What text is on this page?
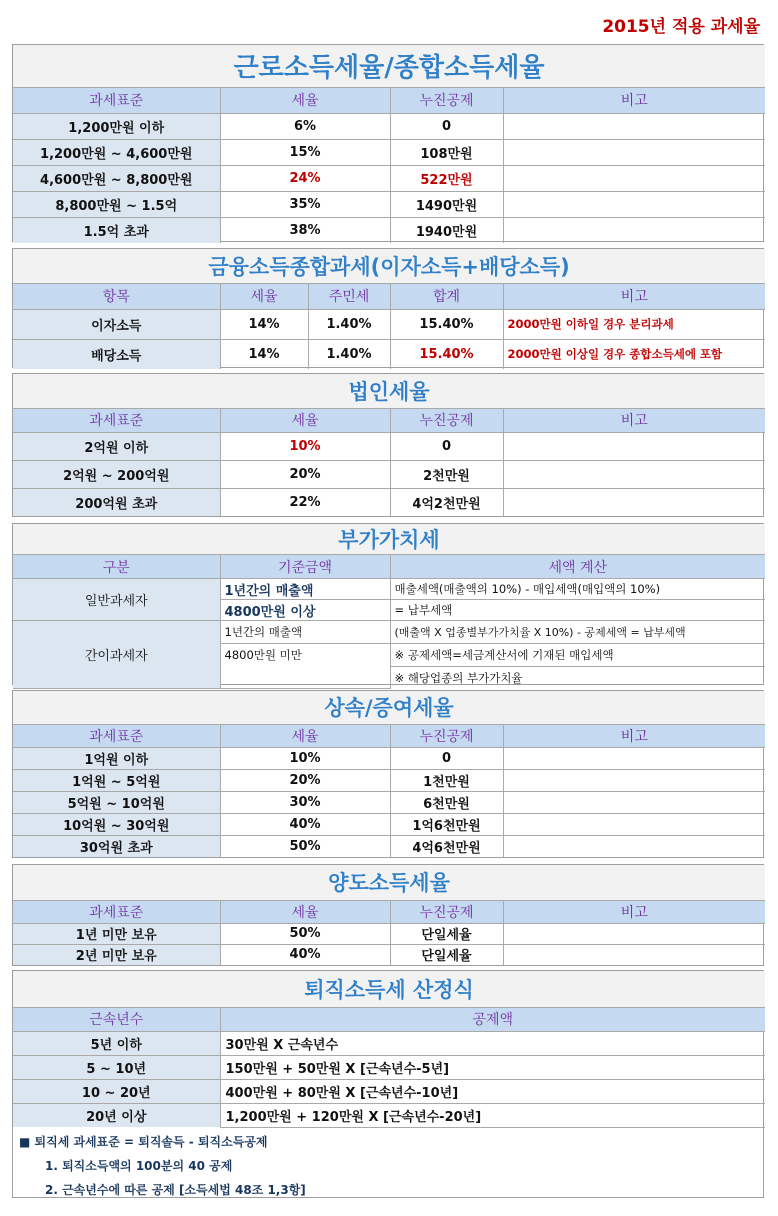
2015년 적용 과세율
근로소득세율/종합소득세율			
과세표준	세율	누진공제	비고
1,200만원 이하	6%	0	
1,200만원 ~ 4,600만원	15%	108만원	
4,600만원 ~ 8,800만원	24%	522만원	
8,800만원 ~ 1.5억	35%	1490만원	
1.5억 초과	38%	1940만원	
금융소득종합과세(이자소득+배당소득)				
항목	세율	주민세	합계	비고
이자소득	14%	1.40%	15.40%	2000만원 이하일 경우 분리과세
배당소득	14%	1.40%	15.40%	2000만원 이상일 경우 종합소득세에 포함
법인세율			
과세표준	세율	누진공제	비고
2억원 이하	10%	0	
2억원 ~ 200억원	20%	2천만원	
200억원 초과	22%	4억2천만원	
부가가치세		
구분	기준금액	세액 계산
일반과세자	1년간의 매출액	매출세액(매출액의 10%) - 매입세액(매입액의 10%)
	4800만원 이상	= 납부세액
간이과세자	1년간의 매출액	(매출액 X 업종별부가가치율 X 10%) - 공제세액 = 납부세액
	4800만원 미만	※ 공제세액=세금계산서에 기재된 매입세액
		※ 해당업종의 부가가치율
상속/증여세율			
과세표준	세율	누진공제	비고
1억원 이하	10%	0	
1억원 ~ 5억원	20%	1천만원	
5억원 ~ 10억원	30%	6천만원	
10억원 ~ 30억원	40%	1억6천만원	
30억원 초과	50%	4억6천만원	
양도소득세율			
과세표준	세율	누진공제	비고
1년 미만 보유	50%	단일세율	
2년 미만 보유	40%	단일세율	
퇴직소득세 산정식	
근속년수	공제액
5년 이하	30만원 X 근속년수
5 ~ 10년	150만원 + 50만원 X [근속년수-5년]
10 ~ 20년	400만원 + 80만원 X [근속년수-10년]
20년 이상	1,200만원 + 120만원 X [근속년수-20년]
■ 퇴직세 과세표준 = 퇴직솔득 - 퇴직소득공제
1. 퇴직소득액의 100분의 40 공제
2. 근속년수에 따른 공제 [소득세법 48조 1,3항]
